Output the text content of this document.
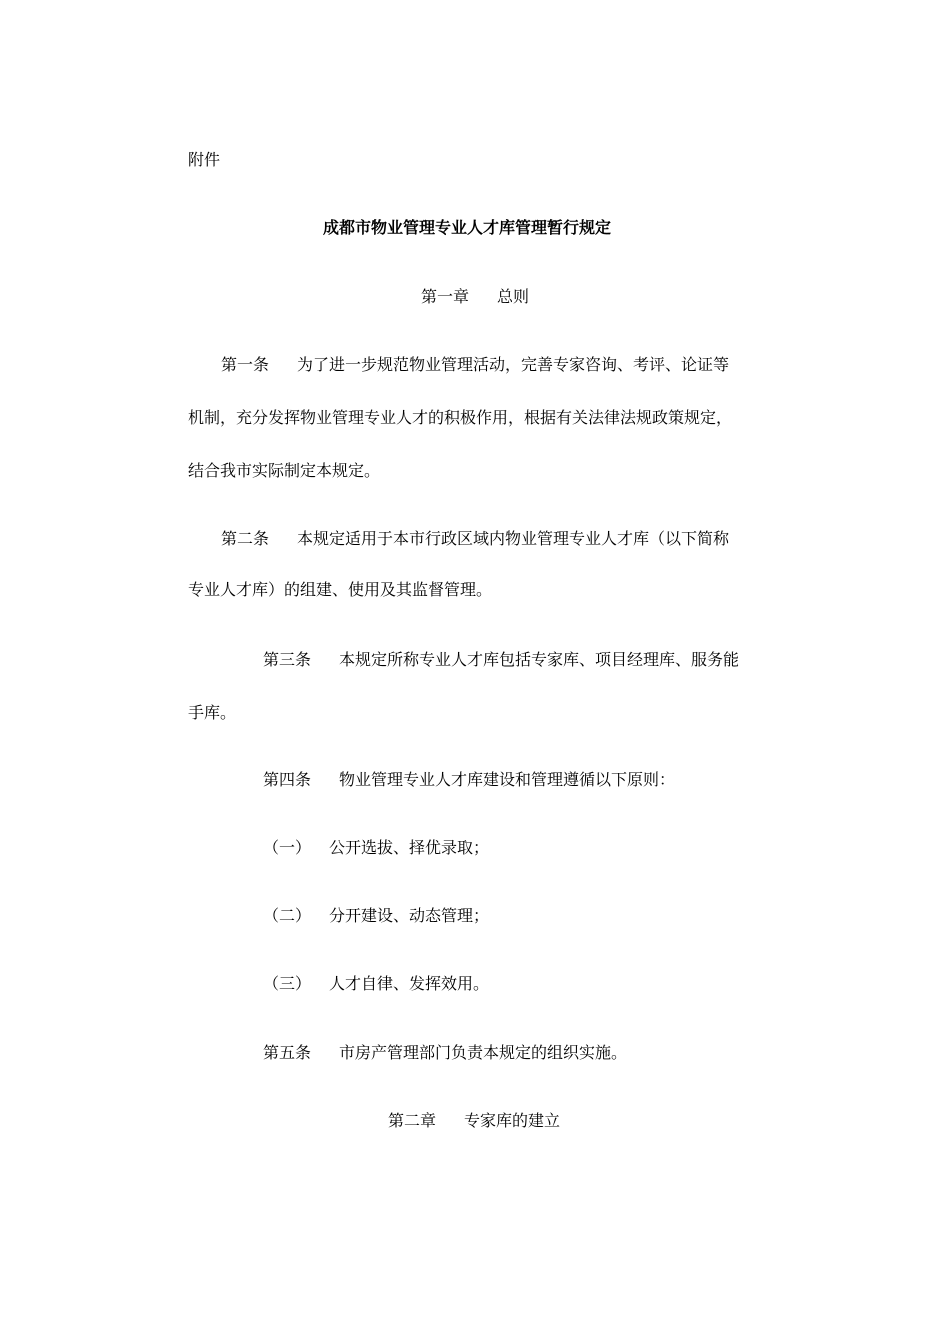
附件

成都市物业管理专业人才库管理暂行规定

第一章 总则

第一条 为了进一步规范物业管理活动，完善专家咨询、考评、论证等

机制，充分发挥物业管理专业人才的积极作用，根据有关法律法规政策规定，

结合我市实际制定本规定。

第二条 本规定适用于本市行政区域内物业管理专业人才库（以下简称

专业人才库）的组建、使用及其监督管理。

第三条 本规定所称专业人才库包括专家库、项目经理库、服务能

手库。

第四条 物业管理专业人才库建设和管理遵循以下原则：

（一） 公开选拔、择优录取；

（二） 分开建设、动态管理；

（三） 人才自律、发挥效用。

第五条 市房产管理部门负责本规定的组织实施。

第二章 专家库的建立
